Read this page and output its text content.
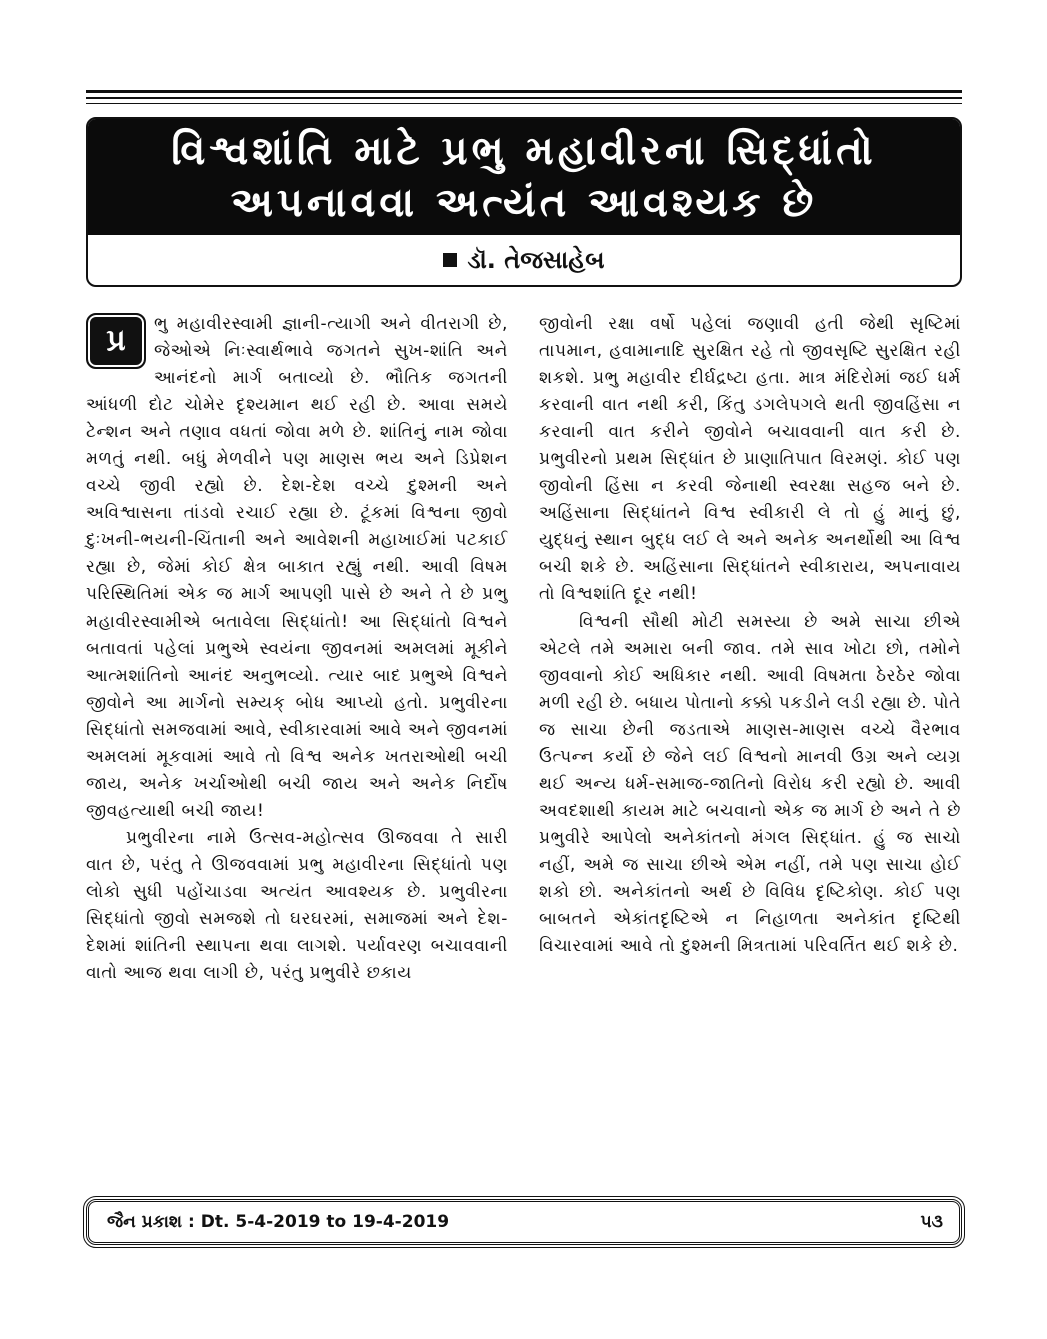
વિશ્વશાંતિ માટે પ્રભુ મહાવીરના સિદ્ધાંતો
અપનાવવા અત્યંત આવશ્યક છે
ડૉ. તેજસાહેબ

પ્ર	ભુ મહાવીરસ્વામી જ્ઞાની-ત્યાગી અને વીતરાગી છે, જેઓએ નિઃસ્વાર્થભાવે જગતને સુખ-શાંતિ અને આનંદનો માર્ગ બતાવ્યો છે. ભૌતિક જગતની આંધળી દોટ ચોમેર દૃશ્યમાન થઈ રહી છે. આવા સમયે ટેન્શન અને તણાવ વધતાં જોવા મળે છે. શાંતિનું નામ જોવા મળતું નથી. બધું મેળવીને પણ માણસ ભય અને ડિપ્રેશન વચ્ચે જીવી રહ્યો છે. દેશ-દેશ વચ્ચે દુશ્મની અને અવિશ્વાસના તાંડવો રચાઈ રહ્યા છે. ટૂંકમાં વિશ્વના જીવો દુઃખની-ભયની-ચિંતાની અને આવેશની મહાખાઈમાં પટકાઈ રહ્યા છે, જેમાં કોઈ ક્ષેત્ર બાકાત રહ્યું નથી. આવી વિષમ પરિસ્થિતિમાં એક જ માર્ગ આપણી પાસે છે અને તે છે પ્રભુ મહાવીરસ્વામીએ બતાવેલા સિદ્ધાંતો! આ સિદ્ધાંતો વિશ્વને બતાવતાં પહેલાં પ્રભુએ સ્વયંના જીવનમાં અમલમાં મૂકીને આત્મશાંતિનો આનંદ અનુભવ્યો. ત્યાર બાદ પ્રભુએ વિશ્વને જીવોને આ માર્ગનો સમ્યક્ બોધ આપ્યો હતો. પ્રભુવીરના સિદ્ધાંતો સમજવામાં આવે, સ્વીકારવામાં આવે અને જીવનમાં અમલમાં મૂકવામાં આવે તો વિશ્વ અનેક ખતરાઓથી બચી જાય, અનેક ખર્ચાઓથી બચી જાય અને અનેક નિર્દોષ જીવહત્યાથી બચી જાય!

પ્રભુવીરના નામે ઉત્સવ-મહોત્સવ ઊજવવા તે સારી વાત છે, પરંતુ તે ઊજવવામાં પ્રભુ મહાવીરના સિદ્ધાંતો પણ લોકો સુધી પહોંચાડવા અત્યંત આવશ્યક છે. પ્રભુવીરના સિદ્ધાંતો જીવો સમજશે તો ઘરઘરમાં, સમાજમાં અને દેશ-દેશમાં શાંતિની સ્થાપના થવા લાગશે. પર્યાવરણ બચાવવાની વાતો આજ થવા લાગી છે, પરંતુ પ્રભુવીરે છકાય

જીવોની રક્ષા વર્ષો પહેલાં જણાવી હતી જેથી સૃષ્ટિમાં તાપમાન, હવામાનાદિ સુરક્ષિત રહે તો જીવસૃષ્ટિ સુરક્ષિત રહી શકશે. પ્રભુ મહાવીર દીર્ઘદ્રષ્ટા હતા. માત્ર મંદિરોમાં જઈ ધર્મ કરવાની વાત નથી કરી, કિંતુ ડગલેપગલે થતી જીવહિંસા ન કરવાની વાત કરીને જીવોને બચાવવાની વાત કરી છે. પ્રભુવીરનો પ્રથમ સિદ્ધાંત છે પ્રાણાતિપાત વિરમણં. કોઈ પણ જીવોની હિંસા ન કરવી જેનાથી સ્વરક્ષા સહજ બને છે. અહિંસાના સિદ્ધાંતને વિશ્વ સ્વીકારી લે તો હું માનું છું, યુદ્ધનું સ્થાન બુદ્ધ લઈ લે અને અનેક અનર્થોથી આ વિશ્વ બચી શકે છે. અહિંસાના સિદ્ધાંતને સ્વીકારાય, અપનાવાય તો વિશ્વશાંતિ દૂર નથી!

વિશ્વની સૌથી મોટી સમસ્યા છે અમે સાચા છીએ એટલે તમે અમારા બની જાવ. તમે સાવ ખોટા છો, તમોને જીવવાનો કોઈ અધિકાર નથી. આવી વિષમતા ઠેરઠેર જોવા મળી રહી છે. બધાય પોતાનો કક્કો પકડીને લડી રહ્યા છે. પોતે જ સાચા છેની જડતાએ માણસ-માણસ વચ્ચે વૈરભાવ ઉત્પન્ન કર્યો છે જેને લઈ વિશ્વનો માનવી ઉગ્ર અને વ્યગ્ર થઈ અન્ય ધર્મ-સમાજ-જાતિનો વિરોધ કરી રહ્યો છે. આવી અવદશાથી કાયમ માટે બચવાનો એક જ માર્ગ છે અને તે છે પ્રભુવીરે આપેલો અનેકાંતનો મંગલ સિદ્ધાંત. હું જ સાચો નહીં, અમે જ સાચા છીએ એમ નહીં, તમે પણ સાચા હોઈ શકો છો. અનેકાંતનો અર્થ છે વિવિધ દૃષ્ટિકોણ. કોઈ પણ બાબતને એકાંતદૃષ્ટિએ ન નિહાળતા અનેકાંત દૃષ્ટિથી વિચારવામાં આવે તો દુશ્મની મિત્રતામાં પરિવર્તિત થઈ શકે છે.

જૈન પ્રકાશ : Dt. 5-4-2019 to 19-4-2019	૫૩
